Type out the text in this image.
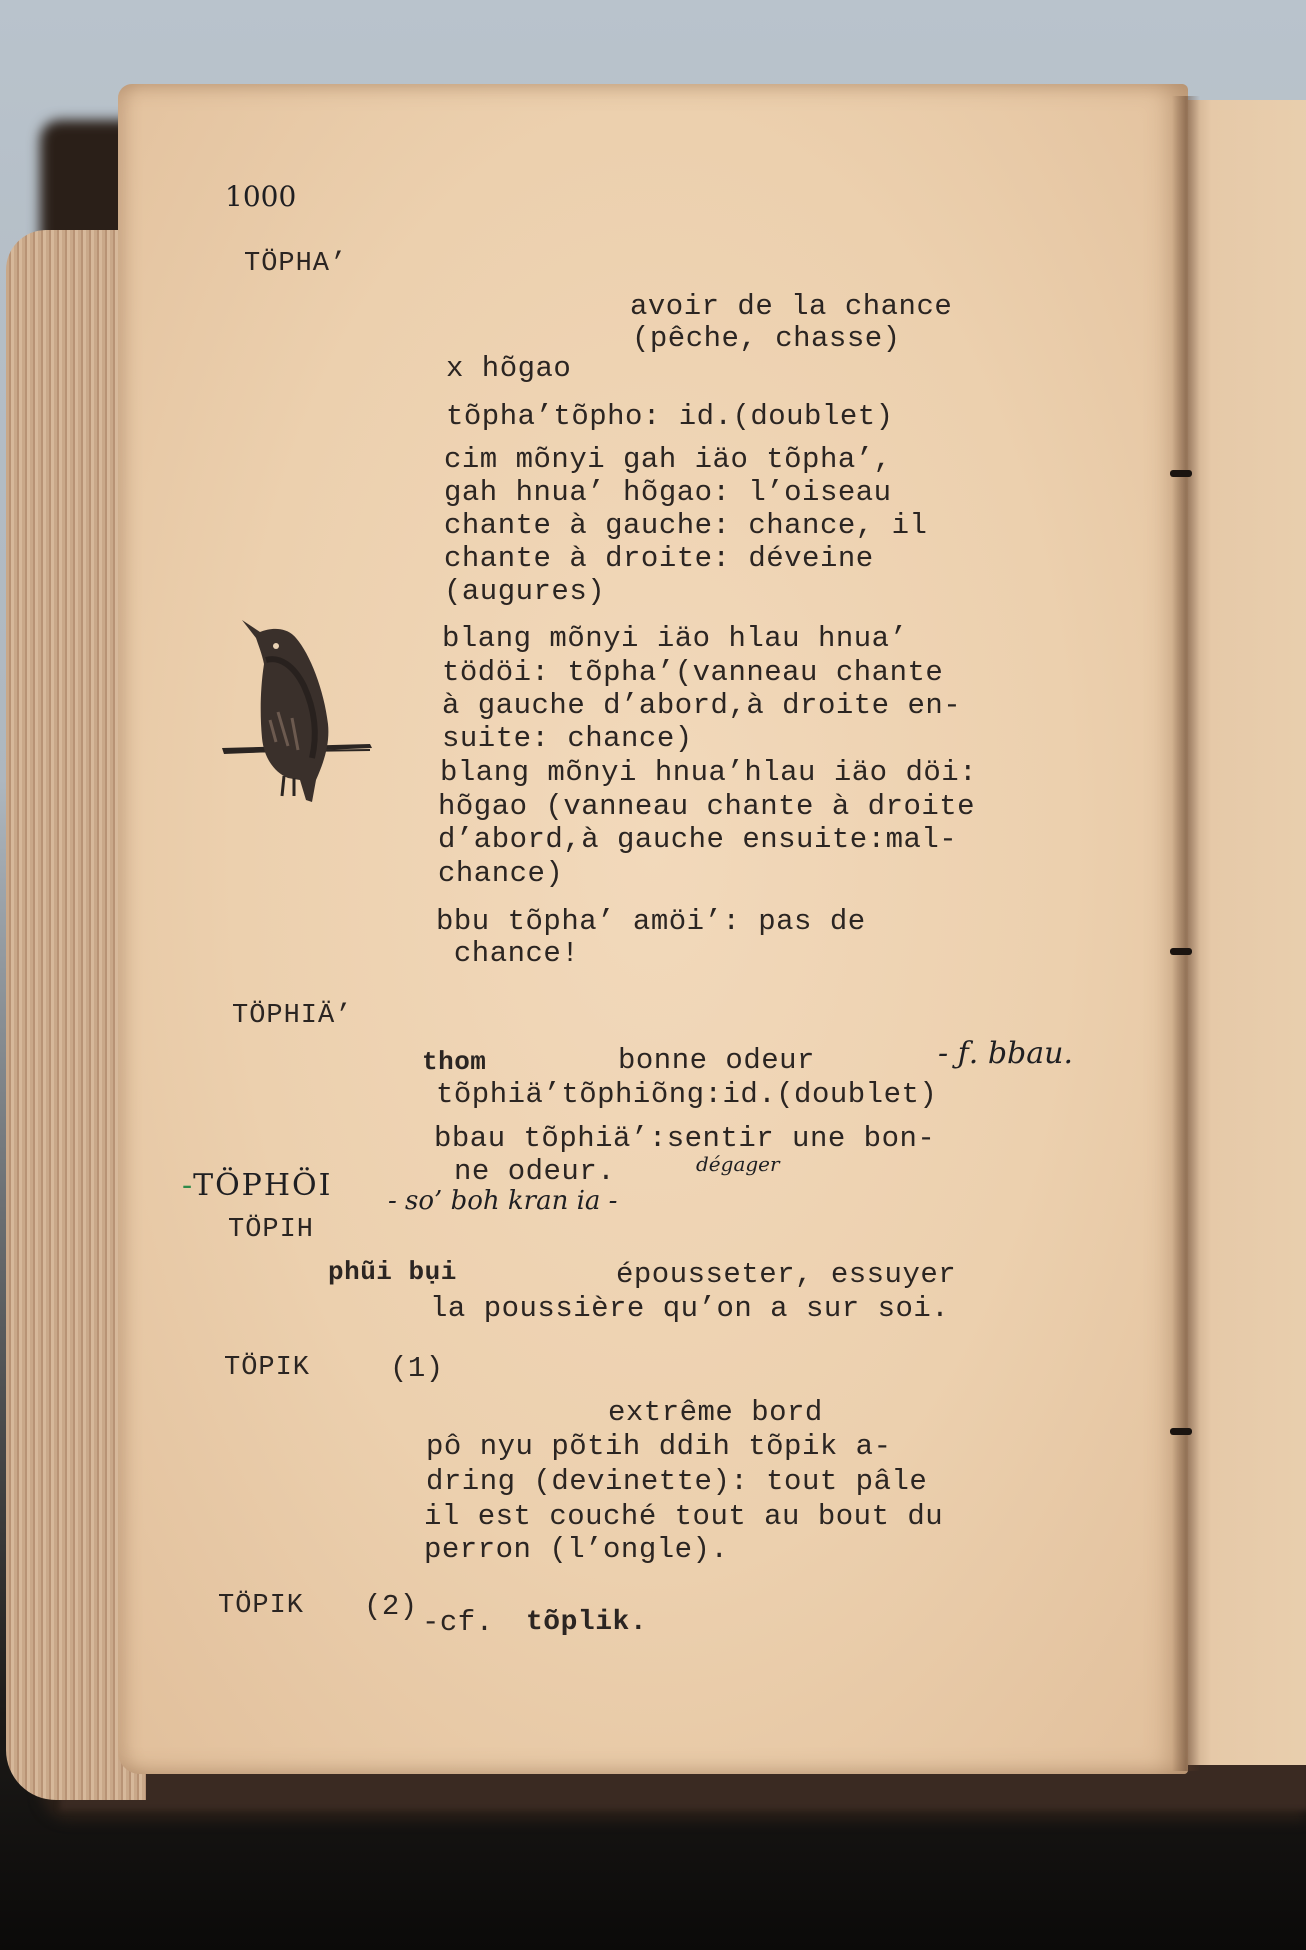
1000
TÖPHA’
avoir de la chance
(pêche, chasse)
x hõgao
tõpha’tõpho: id.(doublet)
cim mõnyi gah iäo tõpha’,
gah hnua’ hõgao: l’oiseau
chante à gauche: chance, il
chante à droite: déveine
(augures)
blang mõnyi iäo hlau hnua’
tödöi: tõpha’(vanneau chante
à gauche d’abord,à droite en-
suite: chance)
blang mõnyi hnua’hlau iäo döi:
hõgao (vanneau chante à droite
d’abord,à gauche ensuite:mal-
chance)
bbu tõpha’ amöi’: pas de
chance!
TÖPHIÄ’
thom	bonne odeur	- ƒ. bbau.
tõphiä’tõphiõng:id.(doublet)
bbau tõphiä’:sentir une bon-
ne odeur.	dégager
-TÖPHÖI - so’ boh kran ia -
TÖPIH
phũi bụi	épousseter, essuyer
la poussière qu’on a sur soi.
TÖPIK	(1)
extrême bord
pô nyu põtih ddih tõpik a-
dring (devinette): tout pâle
il est couché tout au bout du
perron (l’ongle).
TÖPIK (2) -cf. tõplik.
